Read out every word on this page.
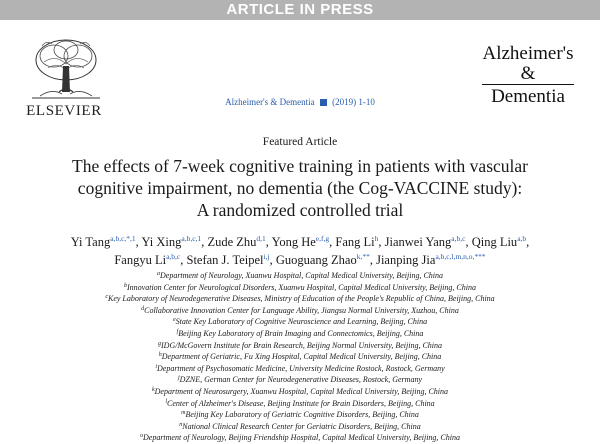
ARTICLE IN PRESS
ELSEVIER
Alzheimer's
&
Dementia
Alzheimer's & Dementia (2019) 1-10
Featured Article
The effects of 7-week cognitive training in patients with vascular
cognitive impairment, no dementia (the Cog-VACCINE study):
A randomized controlled trial
Yi Tang$^{a,b,c,*,1}$, Yi Xing$^{a,b,c,1}$, Zude Zhu$^{d,1}$, Yong He$^{e,f,g}$, Fang Li$^h$, Jianwei Yang$^{a,b,c}$, Qing Liu$^{a,b}$,
Fangyu Li$^{a,b,c}$, Stefan J. Teipel$^{i,j}$, Guoguang Zhao$^{k,**}$, Jianping Jia$^{a,b,c,l,m,n,o,***}$
$^a$Department of Neurology, Xuanwu Hospital, Capital Medical University, Beijing, China
$^b$Innovation Center for Neurological Disorders, Xuanwu Hospital, Capital Medical University, Beijing, China
$^c$Key Laboratory of Neurodegenerative Diseases, Ministry of Education of the People's Republic of China, Beijing, China
$^d$Collaborative Innovation Center for Language Ability, Jiangsu Normal University, Xuzhou, China
$^e$State Key Laboratory of Cognitive Neuroscience and Learning, Beijing, China
$^f$Beijing Key Laboratory of Brain Imaging and Connectomics, Beijing, China
$^g$IDG/McGovern Institute for Brain Research, Beijing Normal University, Beijing, China
$^h$Department of Geriatric, Fu Xing Hospital, Capital Medical University, Beijing, China
$^i$Department of Psychosomatic Medicine, University Medicine Rostock, Rostock, Germany
$^j$DZNE, German Center for Neurodegenerative Diseases, Rostock, Germany
$^k$Department of Neurosurgery, Xuanwu Hospital, Capital Medical University, Beijing, China
$^l$Center of Alzheimer's Disease, Beijing Institute for Brain Disorders, Beijing, China
$^m$Beijing Key Laboratory of Geriatric Cognitive Disorders, Beijing, China
$^n$National Clinical Research Center for Geriatric Disorders, Beijing, China
$^o$Department of Neurology, Beijing Friendship Hospital, Capital Medical University, Beijing, China
